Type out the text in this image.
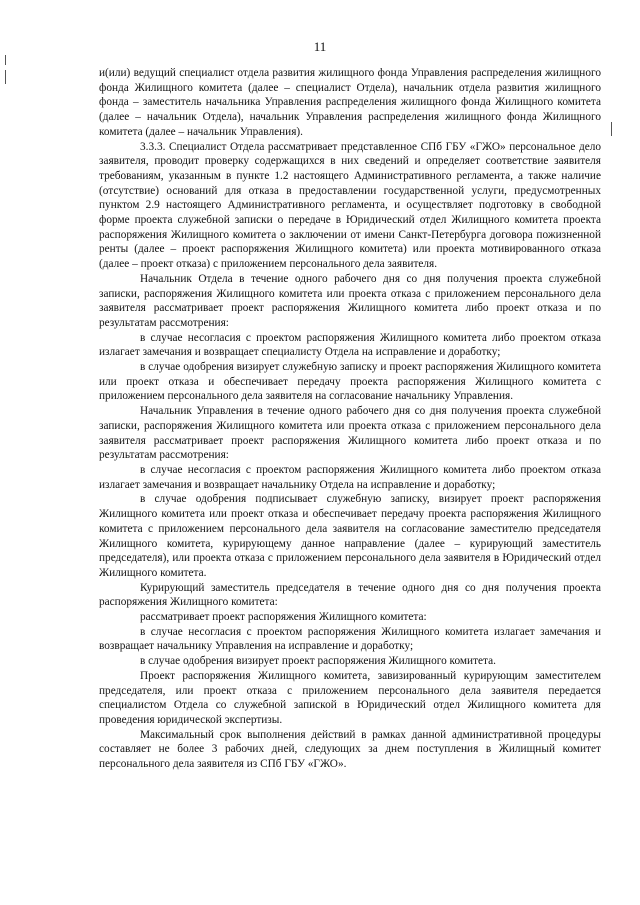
11

и(или) ведущий специалист отдела развития жилищного фонда Управления распределения жилищного фонда Жилищного комитета (далее – специалист Отдела), начальник отдела развития жилищного фонда – заместитель начальника Управления распределения жилищного фонда Жилищного комитета (далее – начальник Отдела), начальник Управления распределения жилищного фонда Жилищного комитета (далее – начальник Управления).

3.3.3. Специалист Отдела рассматривает представленное СПб ГБУ «ГЖО» персональное дело заявителя, проводит проверку содержащихся в них сведений и определяет соответствие заявителя требованиям, указанным в пункте 1.2 настоящего Административного регламента, а также наличие (отсутствие) оснований для отказа в предоставлении государственной услуги, предусмотренных пунктом 2.9 настоящего Административного регламента, и осуществляет подготовку в свободной форме проекта служебной записки о передаче в Юридический отдел Жилищного комитета проекта распоряжения Жилищного комитета о заключении от имени Санкт-Петербурга договора пожизненной ренты (далее – проект распоряжения Жилищного комитета) или проекта мотивированного отказа (далее – проект отказа) с приложением персонального дела заявителя.

Начальник Отдела в течение одного рабочего дня со дня получения проекта служебной записки, распоряжения Жилищного комитета или проекта отказа с приложением персонального дела заявителя рассматривает проект распоряжения Жилищного комитета либо проект отказа и по результатам рассмотрения:

в случае несогласия с проектом распоряжения Жилищного комитета либо проектом отказа излагает замечания и возвращает специалисту Отдела на исправление и доработку;

в случае одобрения визирует служебную записку и проект распоряжения Жилищного комитета или проект отказа и обеспечивает передачу проекта распоряжения Жилищного комитета с приложением персонального дела заявителя на согласование начальнику Управления.

Начальник Управления в течение одного рабочего дня со дня получения проекта служебной записки, распоряжения Жилищного комитета или проекта отказа с приложением персонального дела заявителя рассматривает проект распоряжения Жилищного комитета либо проект отказа и по результатам рассмотрения:

в случае несогласия с проектом распоряжения Жилищного комитета либо проектом отказа излагает замечания и возвращает начальнику Отдела на исправление и доработку;

в случае одобрения подписывает служебную записку, визирует проект распоряжения Жилищного комитета или проект отказа и обеспечивает передачу проекта распоряжения Жилищного комитета с приложением персонального дела заявителя на согласование заместителю председателя Жилищного комитета, курирующему данное направление (далее – курирующий заместитель председателя), или проекта отказа с приложением персонального дела заявителя в Юридический отдел Жилищного комитета.

Курирующий заместитель председателя в течение одного дня со дня получения проекта распоряжения Жилищного комитета:

рассматривает проект распоряжения Жилищного комитета:

в случае несогласия с проектом распоряжения Жилищного комитета излагает замечания и возвращает начальнику Управления на исправление и доработку;

в случае одобрения визирует проект распоряжения Жилищного комитета.

Проект распоряжения Жилищного комитета, завизированный курирующим заместителем председателя, или проект отказа с приложением персонального дела заявителя передается специалистом Отдела со служебной запиской в Юридический отдел Жилищного комитета для проведения юридической экспертизы.

Максимальный срок выполнения действий в рамках данной административной процедуры составляет не более 3 рабочих дней, следующих за днем поступления в Жилищный комитет персонального дела заявителя из СПб ГБУ «ГЖО».
